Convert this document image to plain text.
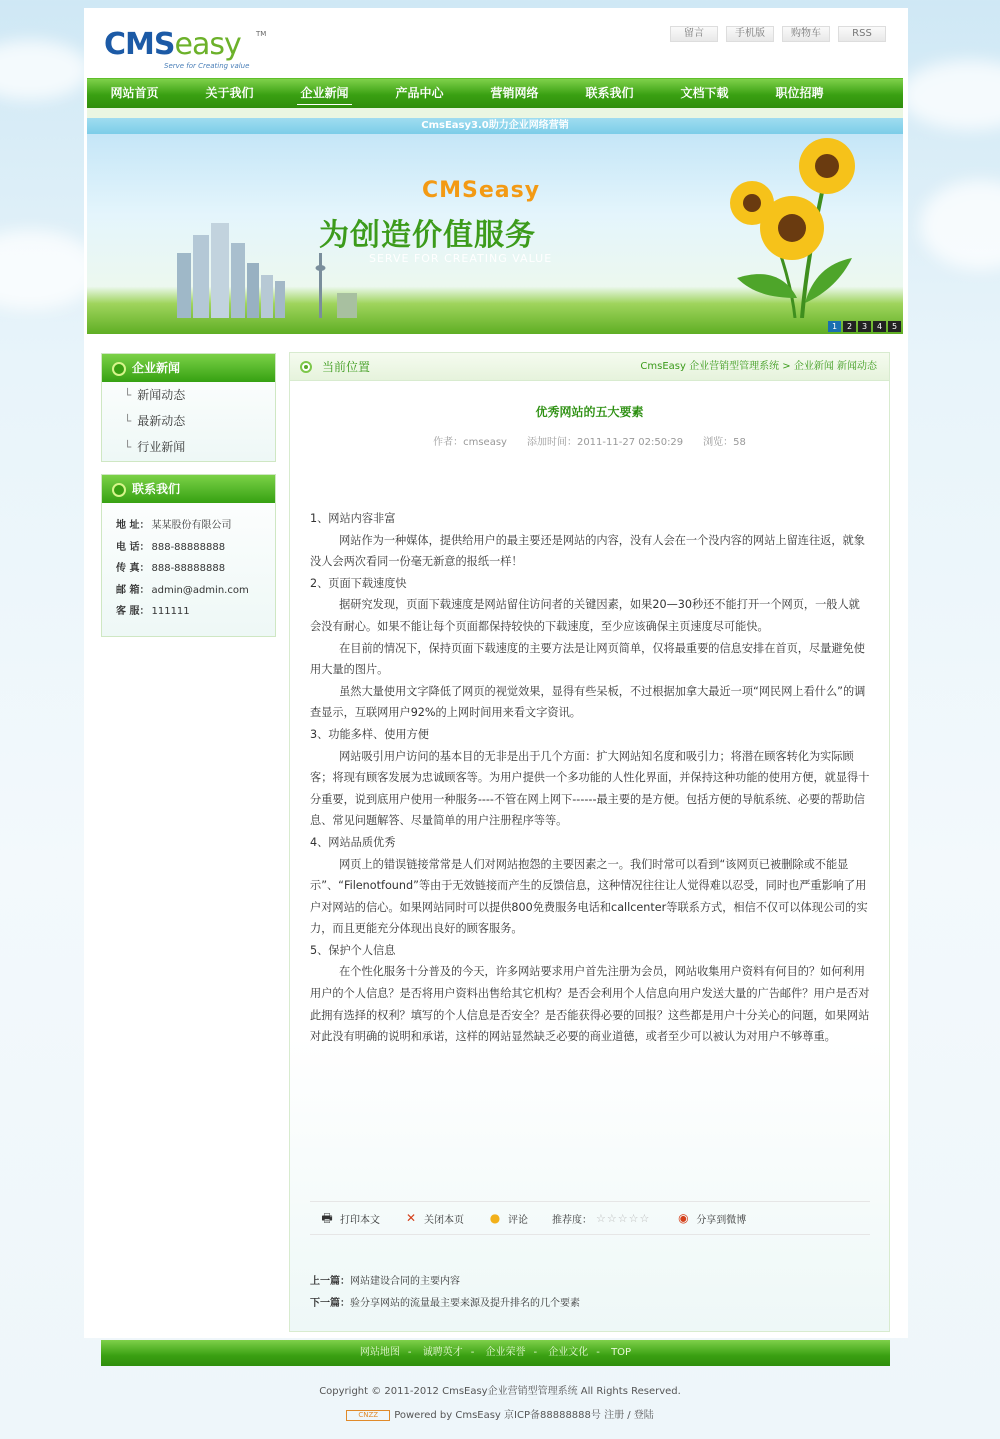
CMSeasy	TM
Serve for Creating value
留言	手机版	购物车	RSS
网站首页	关于我们	企业新闻	产品中心	营销网络	联系我们	文档下载	职位招聘
CmsEasy3.0助力企业网络营销
CMSeasy
为创造价值服务
SERVE FOR CREATING VALUE
1	2	3	4	5
企业新闻
└ 新闻动态
└ 最新动态
└ 行业新闻
联系我们
地 址： 某某股份有限公司
电 话： 888-88888888
传 真： 888-88888888
邮 箱： admin@admin.com
客 服： 111111
当前位置	CmsEasy 企业营销型管理系统 > 企业新闻 新闻动态
优秀网站的五大要素
作者：cmseasy　　添加时间：2011-11-27 02:50:29　　浏览：58

1、网站内容非富

网站作为一种媒体，提供给用户的最主要还是网站的内容，没有人会在一个没内容的网站上留连往返，就象没人会两次看同一份毫无新意的报纸一样！

2、页面下载速度快

据研究发现，页面下载速度是网站留住访问者的关键因素，如果20—30秒还不能打开一个网页，一般人就会没有耐心。如果不能让每个页面都保持较快的下载速度，至少应该确保主页速度尽可能快。

在目前的情况下，保持页面下载速度的主要方法是让网页简单，仅将最重要的信息安排在首页，尽量避免使用大量的图片。

虽然大量使用文字降低了网页的视觉效果，显得有些呆板，不过根据加拿大最近一项“网民网上看什么”的调查显示，互联网用户92%的上网时间用来看文字资讯。

3、功能多样、使用方便

网站吸引用户访问的基本目的无非是出于几个方面：扩大网站知名度和吸引力；将潜在顾客转化为实际顾客；将现有顾客发展为忠诚顾客等。为用户提供一个多功能的人性化界面，并保持这种功能的使用方便，就显得十分重要，说到底用户使用一种服务----不管在网上网下------最主要的是方便。包括方便的导航系统、必要的帮助信息、常见问题解答、尽量简单的用户注册程序等等。

4、网站品质优秀

网页上的错误链接常常是人们对网站抱怨的主要因素之一。我们时常可以看到“该网页已被删除或不能显示”、“Filenotfound”等由于无效链接而产生的反馈信息，这种情况往往让人觉得难以忍受，同时也严重影响了用户对网站的信心。如果网站同时可以提供800免费服务电话和callcenter等联系方式，相信不仅可以体现公司的实力，而且更能充分体现出良好的顾客服务。

5、保护个人信息

在个性化服务十分普及的今天，许多网站要求用户首先注册为会员，网站收集用户资料有何目的？如何利用用户的个人信息？是否将用户资料出售给其它机构？是否会利用个人信息向用户发送大量的广告邮件？用户是否对此拥有选择的权利？填写的个人信息是否安全？是否能获得必要的回报？这些都是用户十分关心的问题，如果网站对此没有明确的说明和承诺，这样的网站显然缺乏必要的商业道德，或者至少可以被认为对用户不够尊重。

🖶 打印本文 ✕ 关闭本页 ● 评论 推荐度： ☆☆☆☆☆ ◉ 分享到微博
上一篇：网站建设合同的主要内容
下一篇：验分享网站的流量最主要来源及提升排名的几个要素
网站地图 - 诚聘英才 - 企业荣誉 - 企业文化 - TOP
Copyright © 2011-2012 CmsEasy企业营销型管理系统 All Rights Reserved.
CNZZ Powered by CmsEasy 京ICP备88888888号 注册 / 登陆
